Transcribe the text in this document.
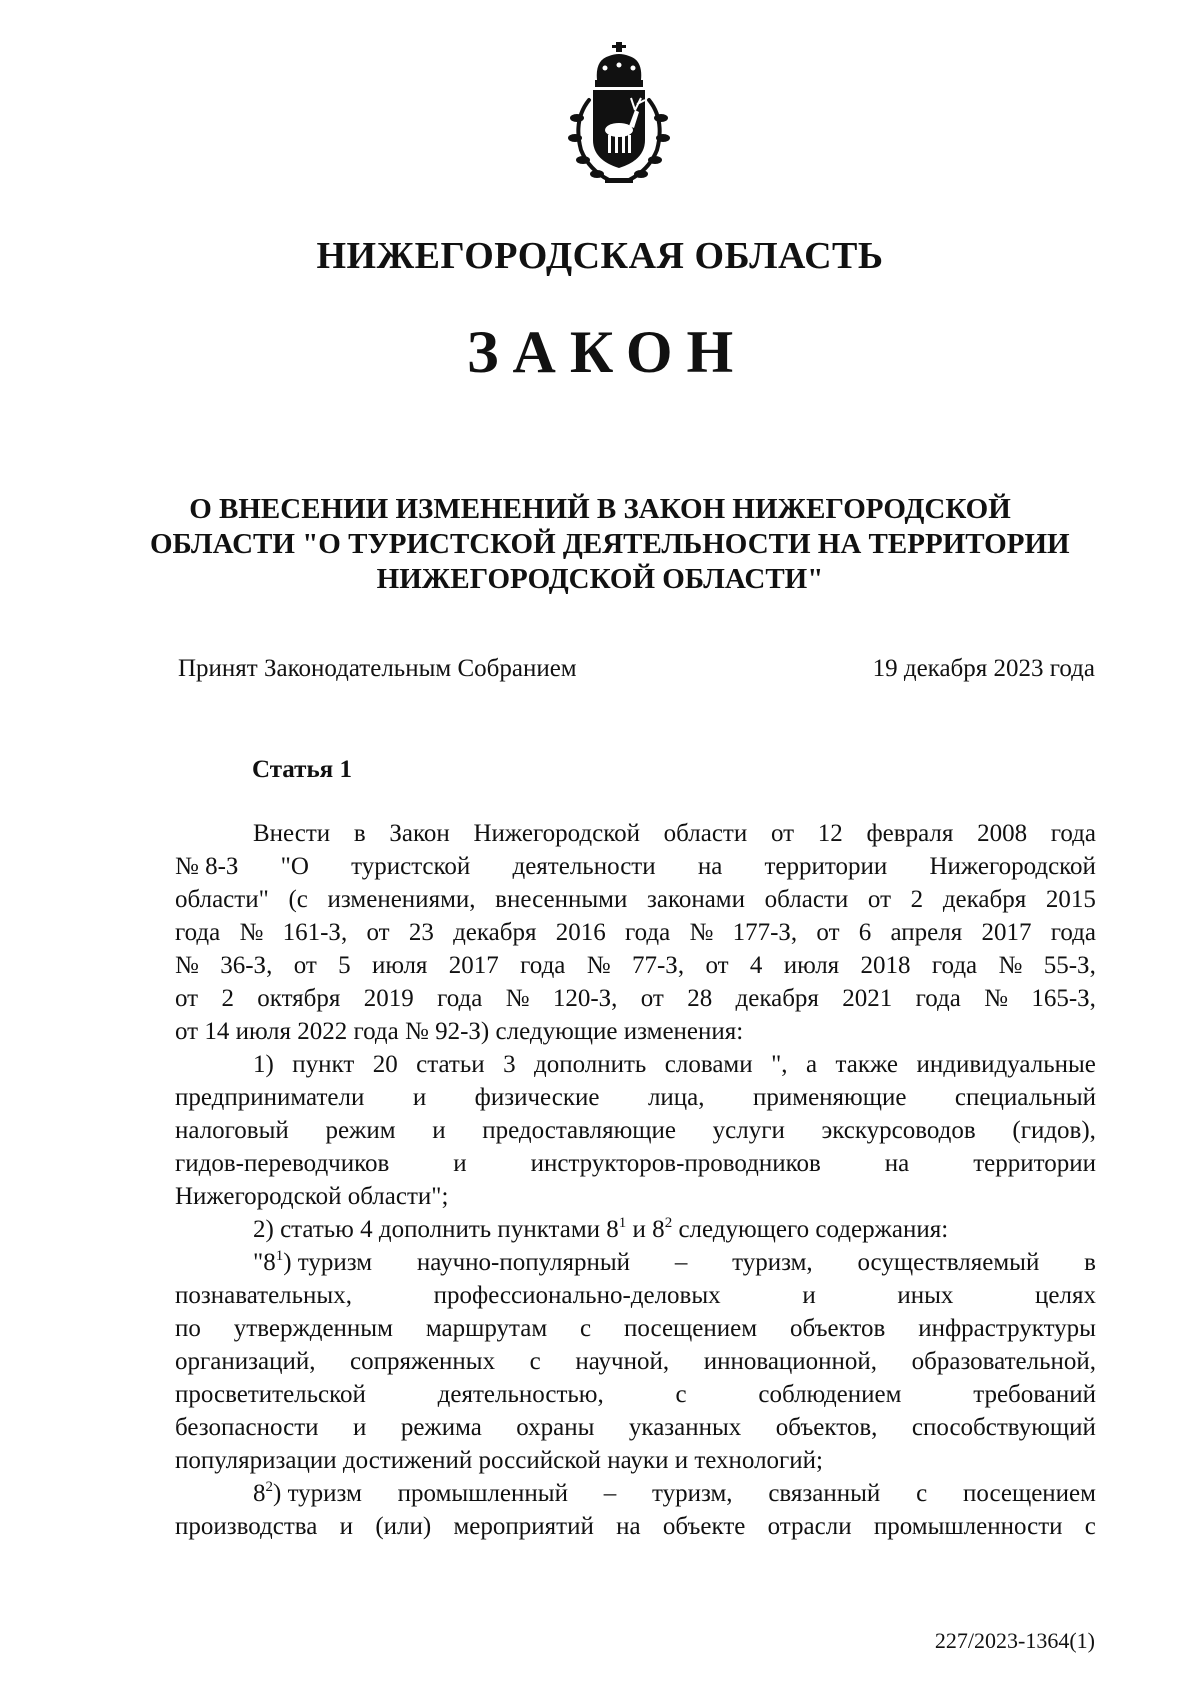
НИЖЕГОРОДСКАЯ ОБЛАСТЬ
ЗАКОН
О ВНЕСЕНИИ ИЗМЕНЕНИЙ В ЗАКОН НИЖЕГОРОДСКОЙ
ОБЛАСТИ "О ТУРИСТСКОЙ ДЕЯТЕЛЬНОСТИ НА ТЕРРИТОРИИ
НИЖЕГОРОДСКОЙ ОБЛАСТИ"
Принят Законодательным Собранием	19 декабря 2023 года
Статья 1
Внести в Закон Нижегородской области от 12 февраля 2008 года
№ 8-З "О туристской деятельности на территории Нижегородской
области" (с изменениями, внесенными законами области от 2 декабря 2015
года № 161-З, от 23 декабря 2016 года № 177-З, от 6 апреля 2017 года
№ 36-З, от 5 июля 2017 года № 77-З, от 4 июля 2018 года № 55-З,
от 2 октября 2019 года № 120-З, от 28 декабря 2021 года № 165-З,
от 14 июля 2022 года № 92-З) следующие изменения:
1) пункт 20 статьи 3 дополнить словами ", а также индивидуальные
предприниматели и физические лица, применяющие специальный
налоговый режим и предоставляющие услуги экскурсоводов (гидов),
гидов-переводчиков	и	инструкторов-проводников	на	территории
Нижегородской области";
2) статью 4 дополнить пунктами $8^1$ и $8^2$ следующего содержания:
"$8^1$) туризм научно-популярный – туризм, осуществляемый в
познавательных,	профессионально-деловых	и	иных	целях
по утвержденным маршрутам с посещением объектов инфраструктуры
организаций, сопряженных с научной, инновационной, образовательной,
просветительской	деятельностью,	с	соблюдением	требований
безопасности и режима охраны указанных объектов, способствующий
популяризации достижений российской науки и технологий;
$8^2$) туризм промышленный – туризм, связанный с посещением
производства и (или) мероприятий на объекте отрасли промышленности с
227/2023-1364(1)
